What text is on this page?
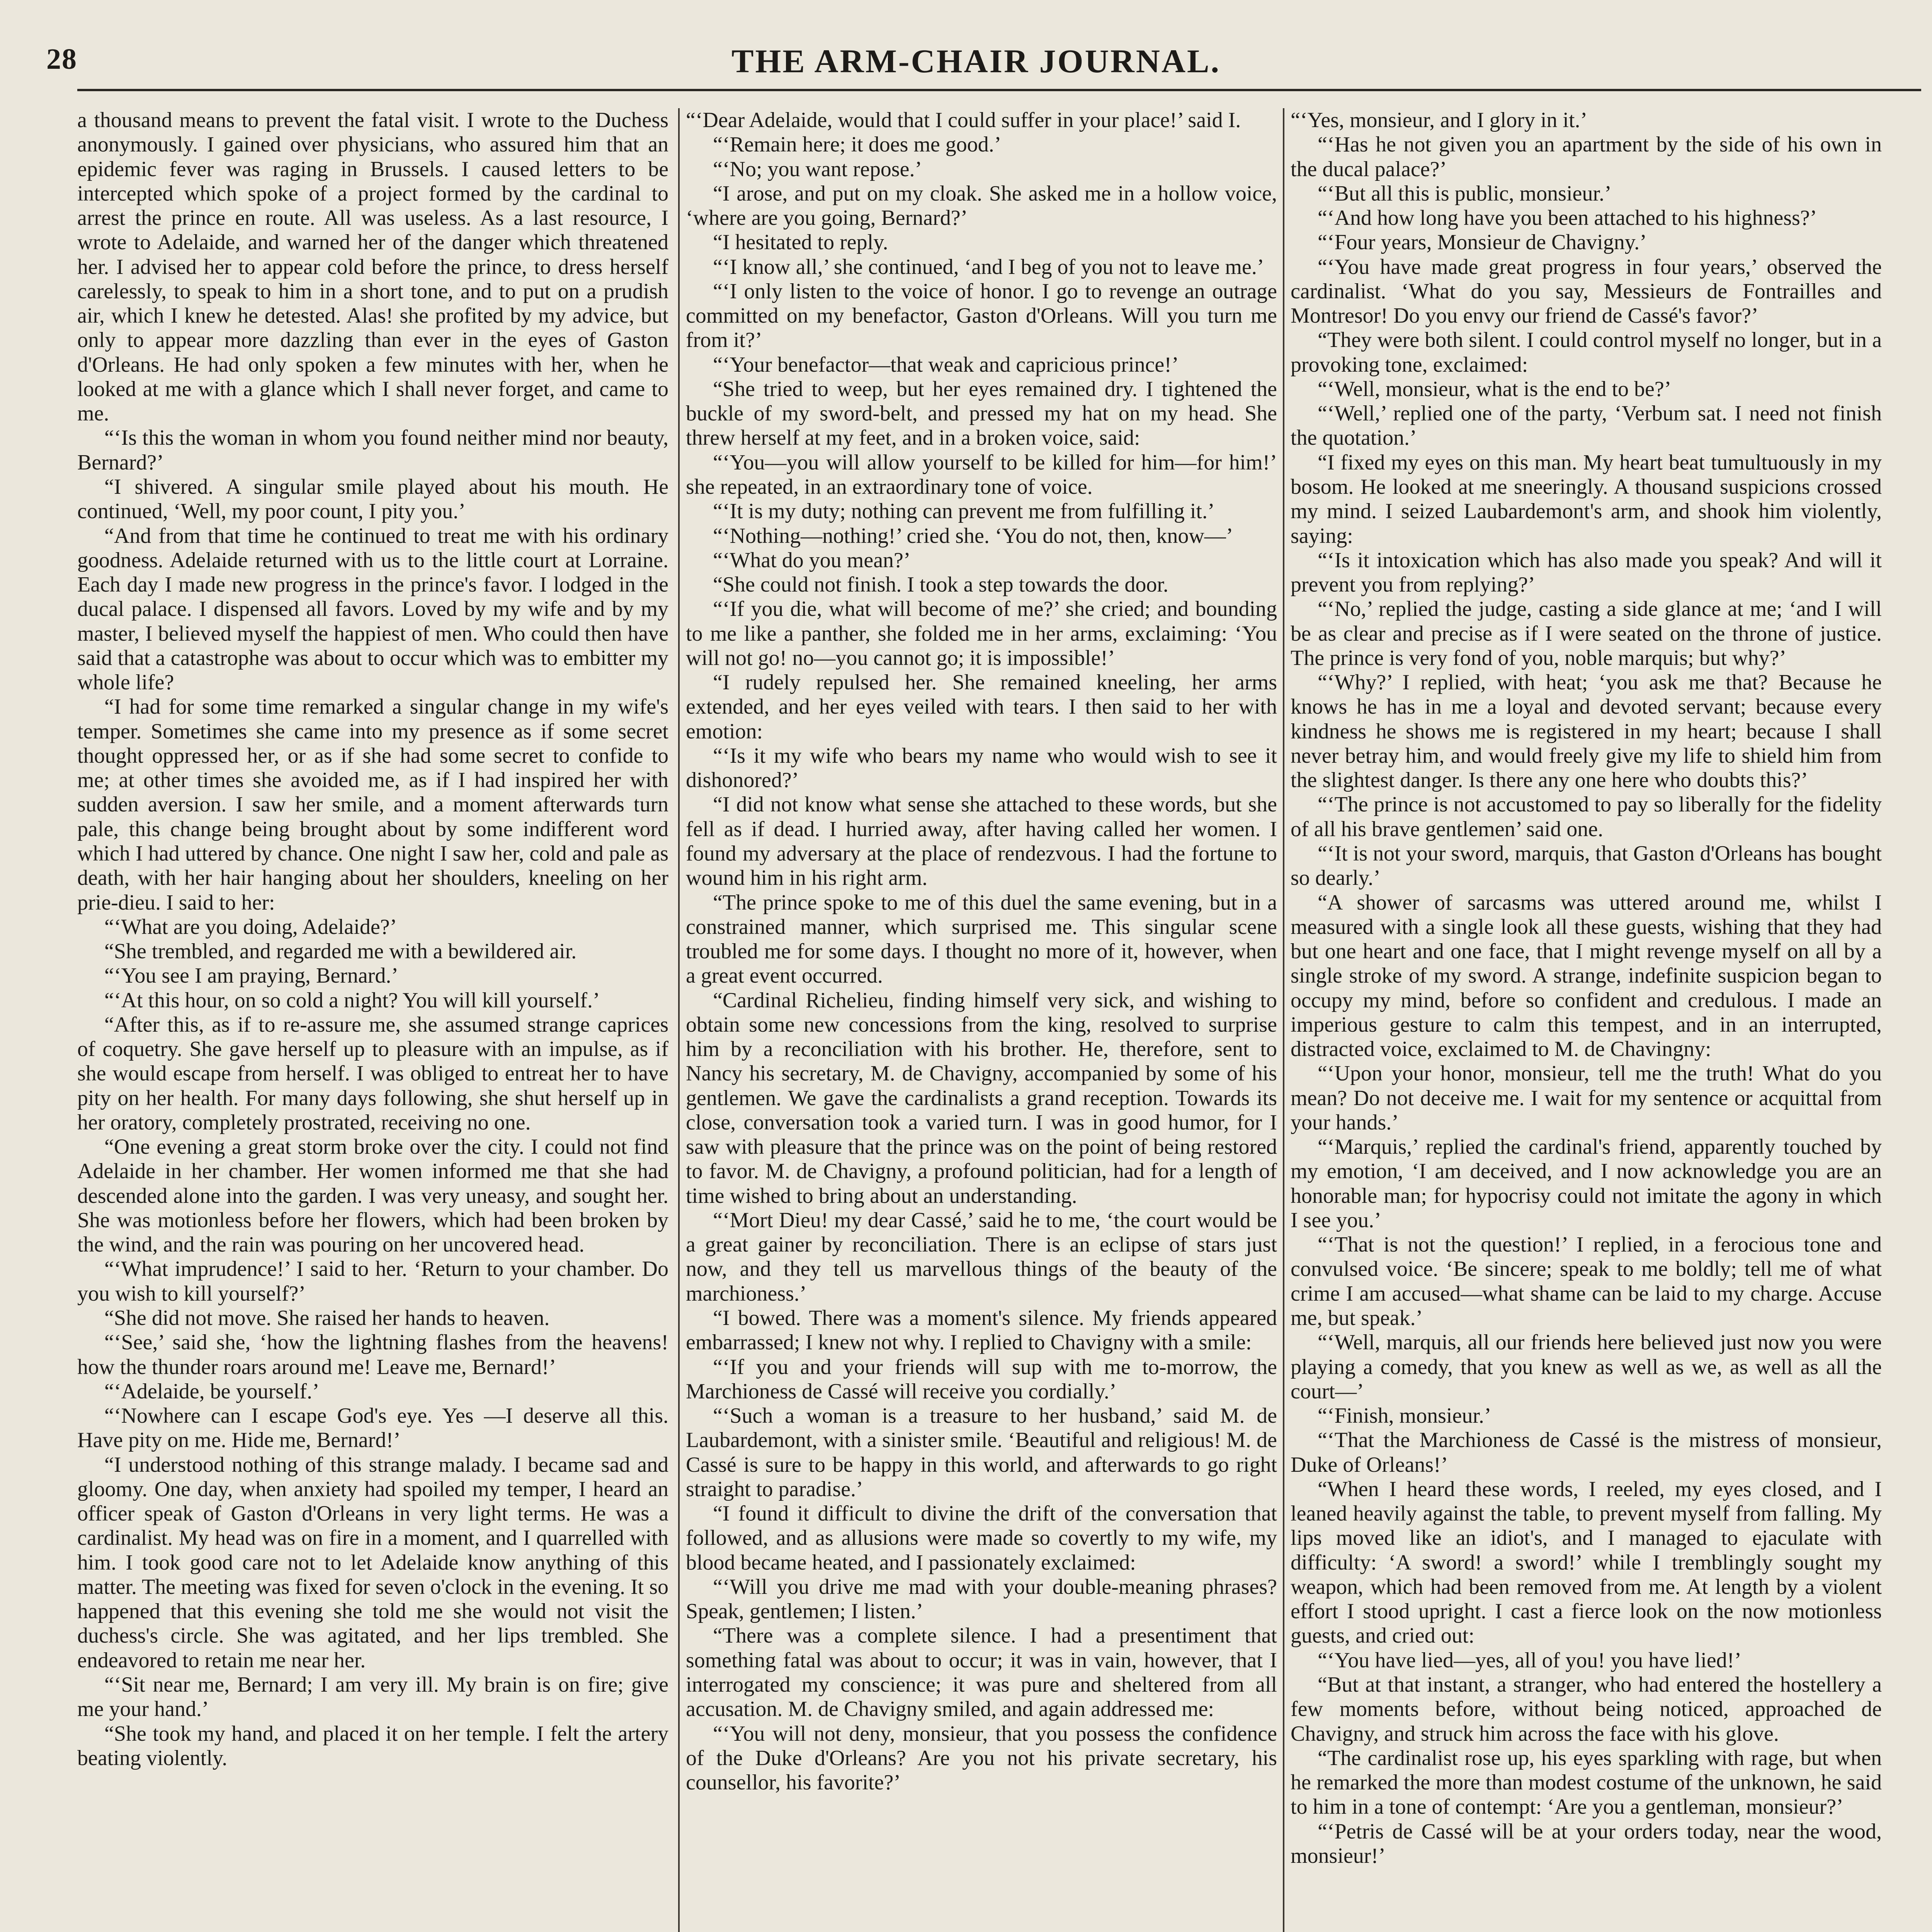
28	THE ARM-CHAIR JOURNAL.

a thousand means to prevent the fatal visit. I wrote to the Duchess anonymously. I gained over physicians, who assured him that an epidemic fever was raging in Brussels. I caused letters to be intercepted which spoke of a project formed by the cardinal to arrest the prince en route. All was useless. As a last resource, I wrote to Adelaide, and warned her of the danger which threatened her. I advised her to appear cold before the prince, to dress herself carelessly, to speak to him in a short tone, and to put on a prudish air, which I knew he detested. Alas! she profited by my advice, but only to appear more dazzling than ever in the eyes of Gaston d'Orleans. He had only spoken a few minutes with her, when he looked at me with a glance which I shall never forget, and came to me.

“‘Is this the woman in whom you found neither mind nor beauty, Bernard?’

“I shivered. A singular smile played about his mouth. He continued, ‘Well, my poor count, I pity you.’

“And from that time he continued to treat me with his ordinary goodness. Adelaide returned with us to the little court at Lorraine. Each day I made new progress in the prince's favor. I lodged in the ducal palace. I dispensed all favors. Loved by my wife and by my master, I believed myself the happiest of men. Who could then have said that a catastrophe was about to occur which was to embitter my whole life?

“I had for some time remarked a singular change in my wife's temper. Sometimes she came into my presence as if some secret thought oppressed her, or as if she had some secret to confide to me; at other times she avoided me, as if I had inspired her with sudden aversion. I saw her smile, and a moment afterwards turn pale, this change being brought about by some indifferent word which I had uttered by chance. One night I saw her, cold and pale as death, with her hair hanging about her shoulders, kneeling on her prie-dieu. I said to her:

“‘What are you doing, Adelaide?’

“She trembled, and regarded me with a bewildered air.

“‘You see I am praying, Bernard.’

“‘At this hour, on so cold a night? You will kill yourself.’

“After this, as if to re-assure me, she assumed strange caprices of coquetry. She gave herself up to pleasure with an impulse, as if she would escape from herself. I was obliged to entreat her to have pity on her health. For many days following, she shut herself up in her oratory, completely prostrated, receiving no one.

“One evening a great storm broke over the city. I could not find Adelaide in her chamber. Her women informed me that she had descended alone into the garden. I was very uneasy, and sought her. She was motionless before her flowers, which had been broken by the wind, and the rain was pouring on her uncovered head.

“‘What imprudence!’ I said to her. ‘Return to your chamber. Do you wish to kill yourself?’

“She did not move. She raised her hands to heaven.

“‘See,’ said she, ‘how the lightning flashes from the heavens! how the thunder roars around me! Leave me, Bernard!’

“‘Adelaide, be yourself.’

“‘Nowhere can I escape God's eye. Yes —I deserve all this. Have pity on me. Hide me, Bernard!’

“I understood nothing of this strange malady. I became sad and gloomy. One day, when anxiety had spoiled my temper, I heard an officer speak of Gaston d'Orleans in very light terms. He was a cardinalist. My head was on fire in a moment, and I quarrelled with him. I took good care not to let Adelaide know anything of this matter. The meeting was fixed for seven o'clock in the evening. It so happened that this evening she told me she would not visit the duchess's circle. She was agitated, and her lips trembled. She endeavored to retain me near her.

“‘Sit near me, Bernard; I am very ill. My brain is on fire; give me your hand.’

“She took my hand, and placed it on her temple. I felt the artery beating violently.

“‘Dear Adelaide, would that I could suffer in your place!’ said I.

“‘Remain here; it does me good.’

“‘No; you want repose.’

“I arose, and put on my cloak. She asked me in a hollow voice, ‘where are you going, Bernard?’

“I hesitated to reply.

“‘I know all,’ she continued, ‘and I beg of you not to leave me.’

“‘I only listen to the voice of honor. I go to revenge an outrage committed on my benefactor, Gaston d'Orleans. Will you turn me from it?’

“‘Your benefactor—that weak and capricious prince!’

“She tried to weep, but her eyes remained dry. I tightened the buckle of my sword-belt, and pressed my hat on my head. She threw herself at my feet, and in a broken voice, said:

“‘You—you will allow yourself to be killed for him—for him!’ she repeated, in an extraordinary tone of voice.

“‘It is my duty; nothing can prevent me from fulfilling it.’

“‘Nothing—nothing!’ cried she. ‘You do not, then, know—’

“‘What do you mean?’

“She could not finish. I took a step towards the door.

“‘If you die, what will become of me?’ she cried; and bounding to me like a panther, she folded me in her arms, exclaiming: ‘You will not go! no—you cannot go; it is impossible!’

“I rudely repulsed her. She remained kneeling, her arms extended, and her eyes veiled with tears. I then said to her with emotion:

“‘Is it my wife who bears my name who would wish to see it dishonored?’

“I did not know what sense she attached to these words, but she fell as if dead. I hurried away, after having called her women. I found my adversary at the place of rendezvous. I had the fortune to wound him in his right arm.

“The prince spoke to me of this duel the same evening, but in a constrained manner, which surprised me. This singular scene troubled me for some days. I thought no more of it, however, when a great event occurred.

“Cardinal Richelieu, finding himself very sick, and wishing to obtain some new concessions from the king, resolved to surprise him by a reconciliation with his brother. He, therefore, sent to Nancy his secretary, M. de Chavigny, accompanied by some of his gentlemen. We gave the cardinalists a grand reception. Towards its close, conversation took a varied turn. I was in good humor, for I saw with pleasure that the prince was on the point of being restored to favor. M. de Chavigny, a profound politician, had for a length of time wished to bring about an understanding.

“‘Mort Dieu! my dear Cassé,’ said he to me, ‘the court would be a great gainer by reconciliation. There is an eclipse of stars just now, and they tell us marvellous things of the beauty of the marchioness.’

“I bowed. There was a moment's silence. My friends appeared embarrassed; I knew not why. I replied to Chavigny with a smile:

“‘If you and your friends will sup with me to-morrow, the Marchioness de Cassé will receive you cordially.’

“‘Such a woman is a treasure to her husband,’ said M. de Laubardemont, with a sinister smile. ‘Beautiful and religious! M. de Cassé is sure to be happy in this world, and afterwards to go right straight to paradise.’

“I found it difficult to divine the drift of the conversation that followed, and as allusions were made so covertly to my wife, my blood became heated, and I passionately exclaimed:

“‘Will you drive me mad with your double-meaning phrases? Speak, gentlemen; I listen.’

“There was a complete silence. I had a presentiment that something fatal was about to occur; it was in vain, however, that I interrogated my conscience; it was pure and sheltered from all accusation. M. de Chavigny smiled, and again addressed me:

“‘You will not deny, monsieur, that you possess the confidence of the Duke d'Orleans? Are you not his private secretary, his counsellor, his favorite?’

“‘Yes, monsieur, and I glory in it.’

“‘Has he not given you an apartment by the side of his own in the ducal palace?’

“‘But all this is public, monsieur.’

“‘And how long have you been attached to his highness?’

“‘Four years, Monsieur de Chavigny.’

“‘You have made great progress in four years,’ observed the cardinalist. ‘What do you say, Messieurs de Fontrailles and Montresor! Do you envy our friend de Cassé's favor?’

“They were both silent. I could control myself no longer, but in a provoking tone, exclaimed:

“‘Well, monsieur, what is the end to be?’

“‘Well,’ replied one of the party, ‘Verbum sat. I need not finish the quotation.’

“I fixed my eyes on this man. My heart beat tumultuously in my bosom. He looked at me sneeringly. A thousand suspicions crossed my mind. I seized Laubardemont's arm, and shook him violently, saying:

“‘Is it intoxication which has also made you speak? And will it prevent you from replying?’

“‘No,’ replied the judge, casting a side glance at me; ‘and I will be as clear and precise as if I were seated on the throne of justice. The prince is very fond of you, noble marquis; but why?’

“‘Why?’ I replied, with heat; ‘you ask me that? Because he knows he has in me a loyal and devoted servant; because every kindness he shows me is registered in my heart; because I shall never betray him, and would freely give my life to shield him from the slightest danger. Is there any one here who doubts this?’

“‘The prince is not accustomed to pay so liberally for the fidelity of all his brave gentlemen’ said one.

“‘It is not your sword, marquis, that Gaston d'Orleans has bought so dearly.’

“A shower of sarcasms was uttered around me, whilst I measured with a single look all these guests, wishing that they had but one heart and one face, that I might revenge myself on all by a single stroke of my sword. A strange, indefinite suspicion began to occupy my mind, before so confident and credulous. I made an imperious gesture to calm this tempest, and in an interrupted, distracted voice, exclaimed to M. de Chavingny:

“‘Upon your honor, monsieur, tell me the truth! What do you mean? Do not deceive me. I wait for my sentence or acquittal from your hands.’

“‘Marquis,’ replied the cardinal's friend, apparently touched by my emotion, ‘I am deceived, and I now acknowledge you are an honorable man; for hypocrisy could not imitate the agony in which I see you.’

“‘That is not the question!’ I replied, in a ferocious tone and convulsed voice. ‘Be sincere; speak to me boldly; tell me of what crime I am accused—what shame can be laid to my charge. Accuse me, but speak.’

“‘Well, marquis, all our friends here believed just now you were playing a comedy, that you knew as well as we, as well as all the court—’

“‘Finish, monsieur.’

“‘That the Marchioness de Cassé is the mistress of monsieur, Duke of Orleans!’

“When I heard these words, I reeled, my eyes closed, and I leaned heavily against the table, to prevent myself from falling. My lips moved like an idiot's, and I managed to ejaculate with difficulty: ‘A sword! a sword!’ while I tremblingly sought my weapon, which had been removed from me. At length by a violent effort I stood upright. I cast a fierce look on the now motionless guests, and cried out:

“‘You have lied—yes, all of you! you have lied!’

“But at that instant, a stranger, who had entered the hostellery a few moments before, without being noticed, approached de Chavigny, and struck him across the face with his glove.

“The cardinalist rose up, his eyes sparkling with rage, but when he remarked the more than modest costume of the unknown, he said to him in a tone of contempt: ‘Are you a gentleman, monsieur?’

“‘Petris de Cassé will be at your orders today, near the wood, monsieur!’
